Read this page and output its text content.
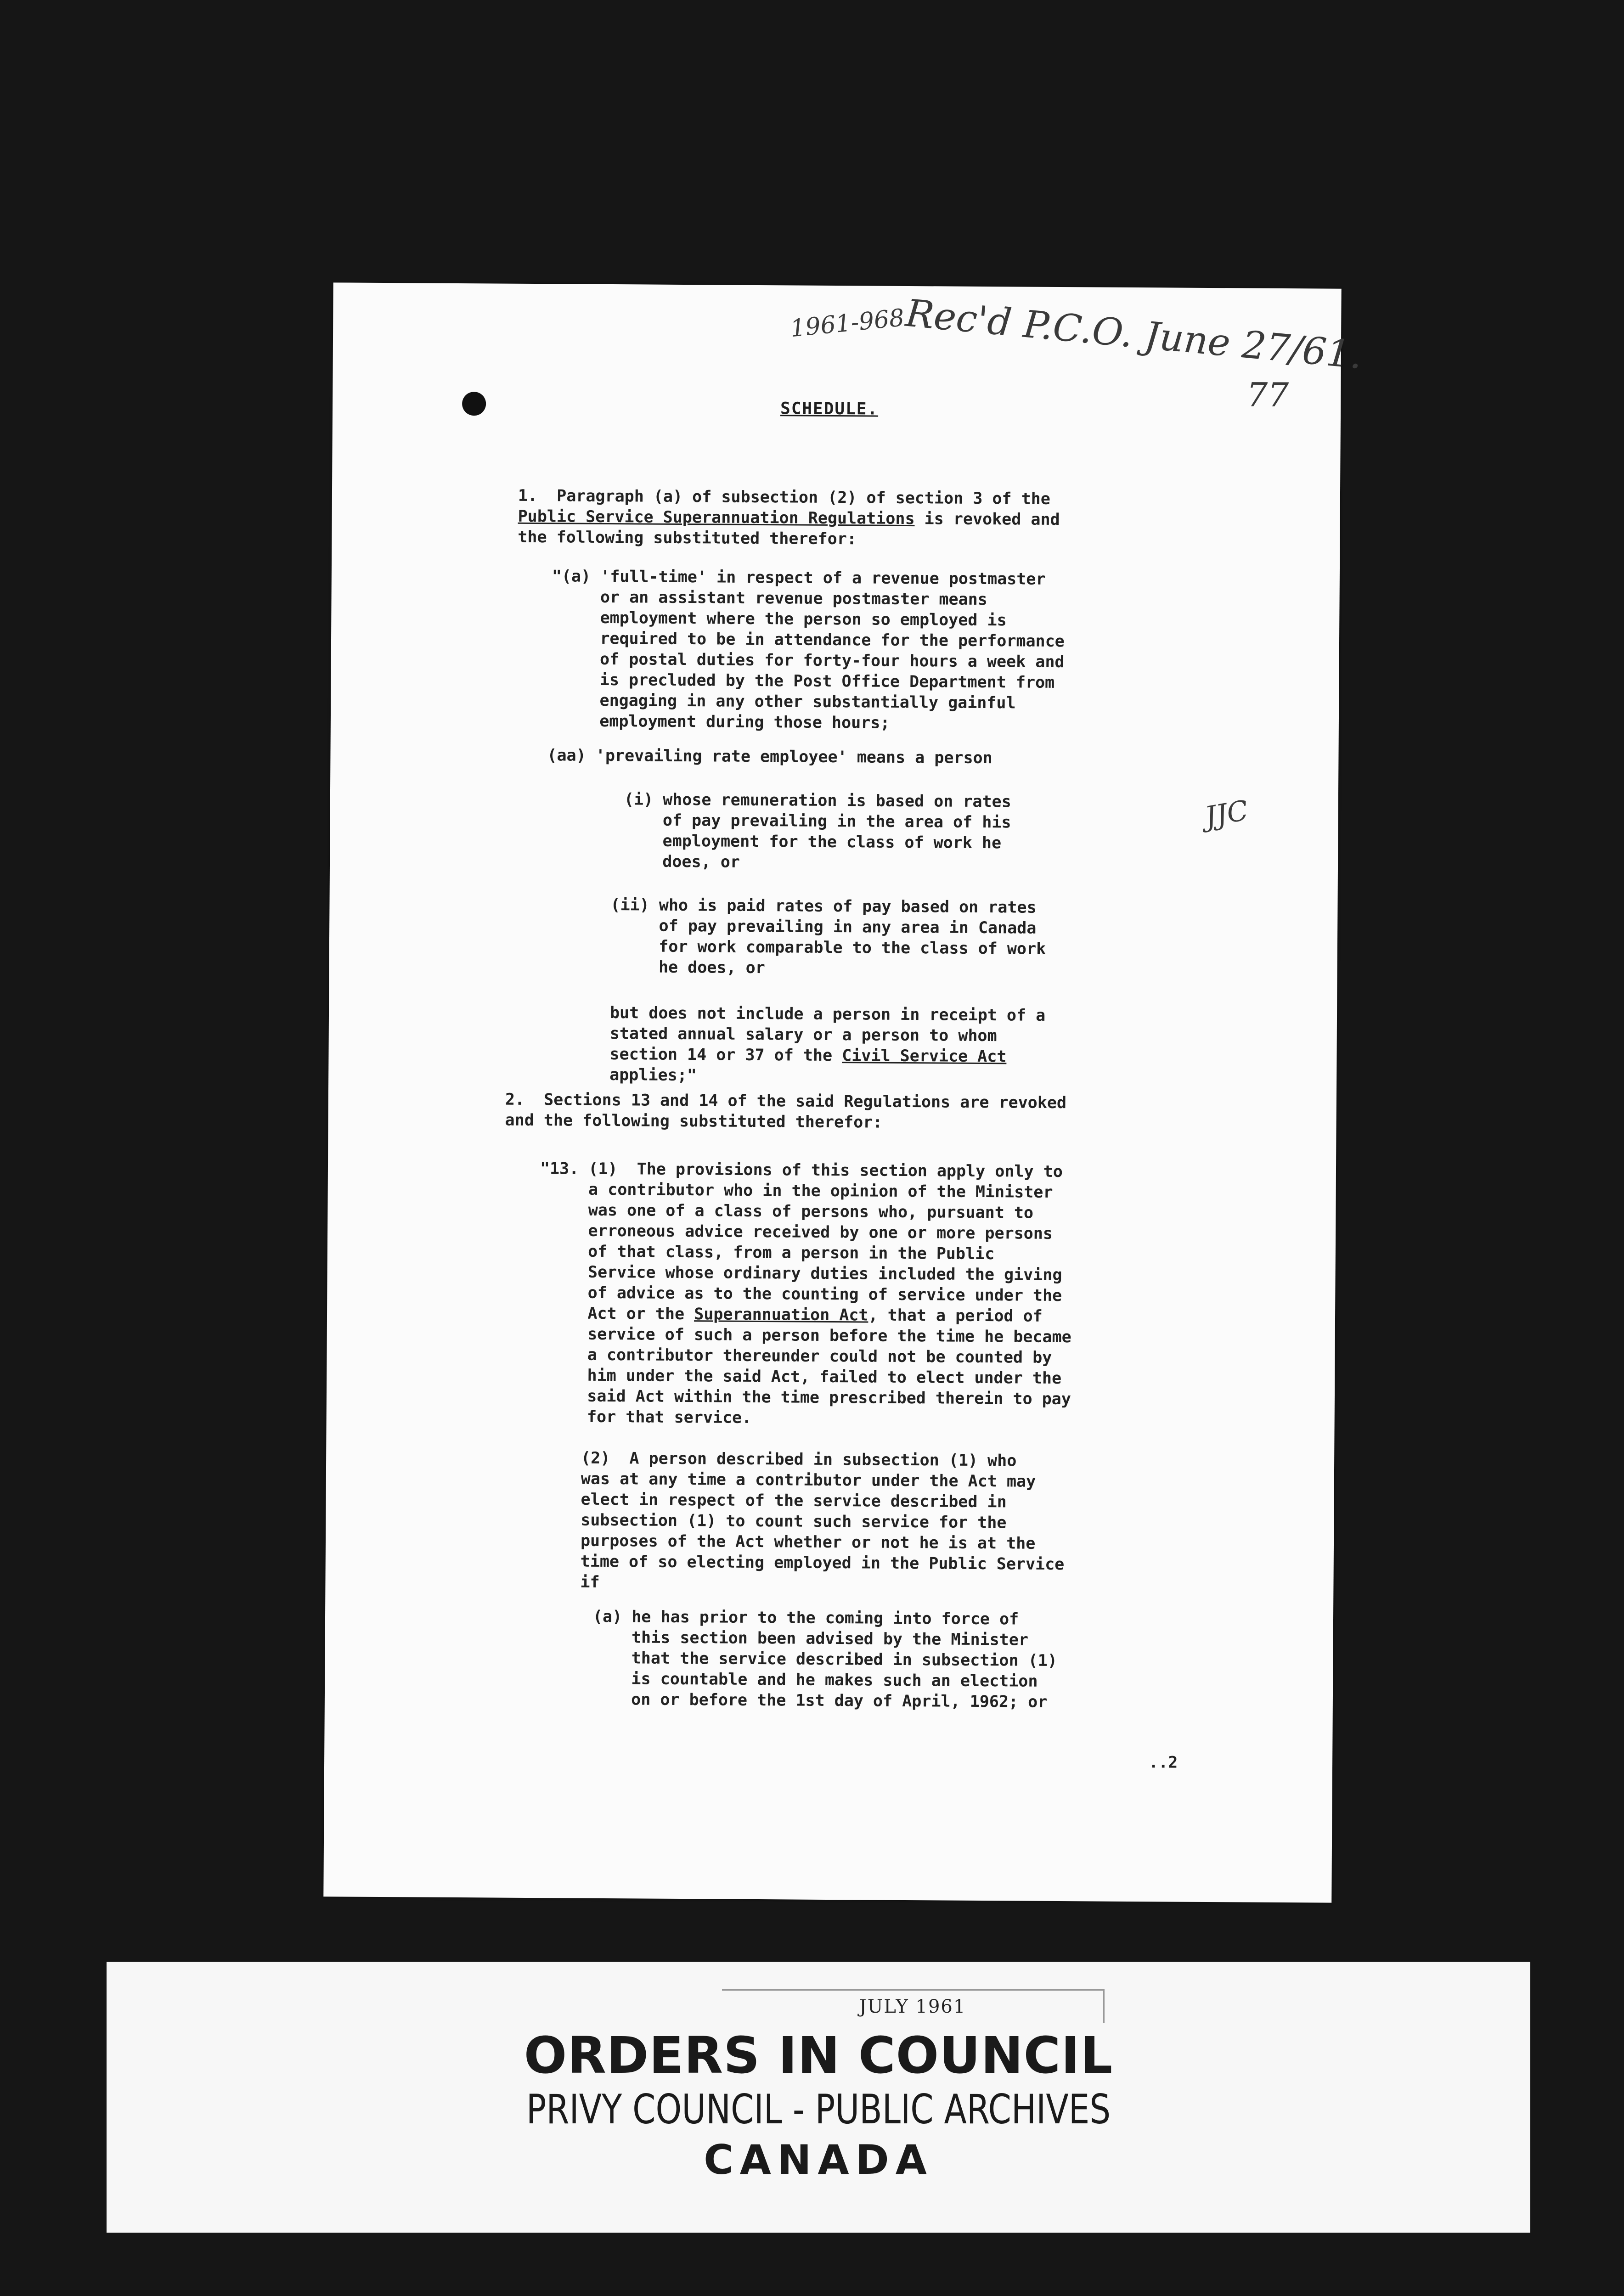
1961-968
Rec'd P.C.O. June 27/61.
77
JJC
SCHEDULE.
1.  Paragraph (a) of subsection (2) of section 3 of the
Public Service Superannuation Regulations is revoked and
the following substituted therefor:
"(a) 'full-time' in respect of a revenue postmaster
or an assistant revenue postmaster means
employment where the person so employed is
required to be in attendance for the performance
of postal duties for forty-four hours a week and
is precluded by the Post Office Department from
engaging in any other substantially gainful
employment during those hours;
(aa) 'prevailing rate employee' means a person
(i) whose remuneration is based on rates
of pay prevailing in the area of his
employment for the class of work he
does, or
(ii) who is paid rates of pay based on rates
of pay prevailing in any area in Canada
for work comparable to the class of work
he does, or
but does not include a person in receipt of a
stated annual salary or a person to whom
section 14 or 37 of the Civil Service Act
applies;"
2.  Sections 13 and 14 of the said Regulations are revoked
and the following substituted therefor:
"13. (1)  The provisions of this section apply only to
a contributor who in the opinion of the Minister
was one of a class of persons who, pursuant to
erroneous advice received by one or more persons
of that class, from a person in the Public
Service whose ordinary duties included the giving
of advice as to the counting of service under the
Act or the Superannuation Act, that a period of
service of such a person before the time he became
a contributor thereunder could not be counted by
him under the said Act, failed to elect under the
said Act within the time prescribed therein to pay
for that service.
(2)  A person described in subsection (1) who
was at any time a contributor under the Act may
elect in respect of the service described in
subsection (1) to count such service for the
purposes of the Act whether or not he is at the
time of so electing employed in the Public Service
if
(a) he has prior to the coming into force of
this section been advised by the Minister
that the service described in subsection (1)
is countable and he makes such an election
on or before the 1st day of April, 1962; or
..2
JULY 1961
ORDERS IN COUNCIL
PRIVY COUNCIL - PUBLIC ARCHIVES
CANADA
